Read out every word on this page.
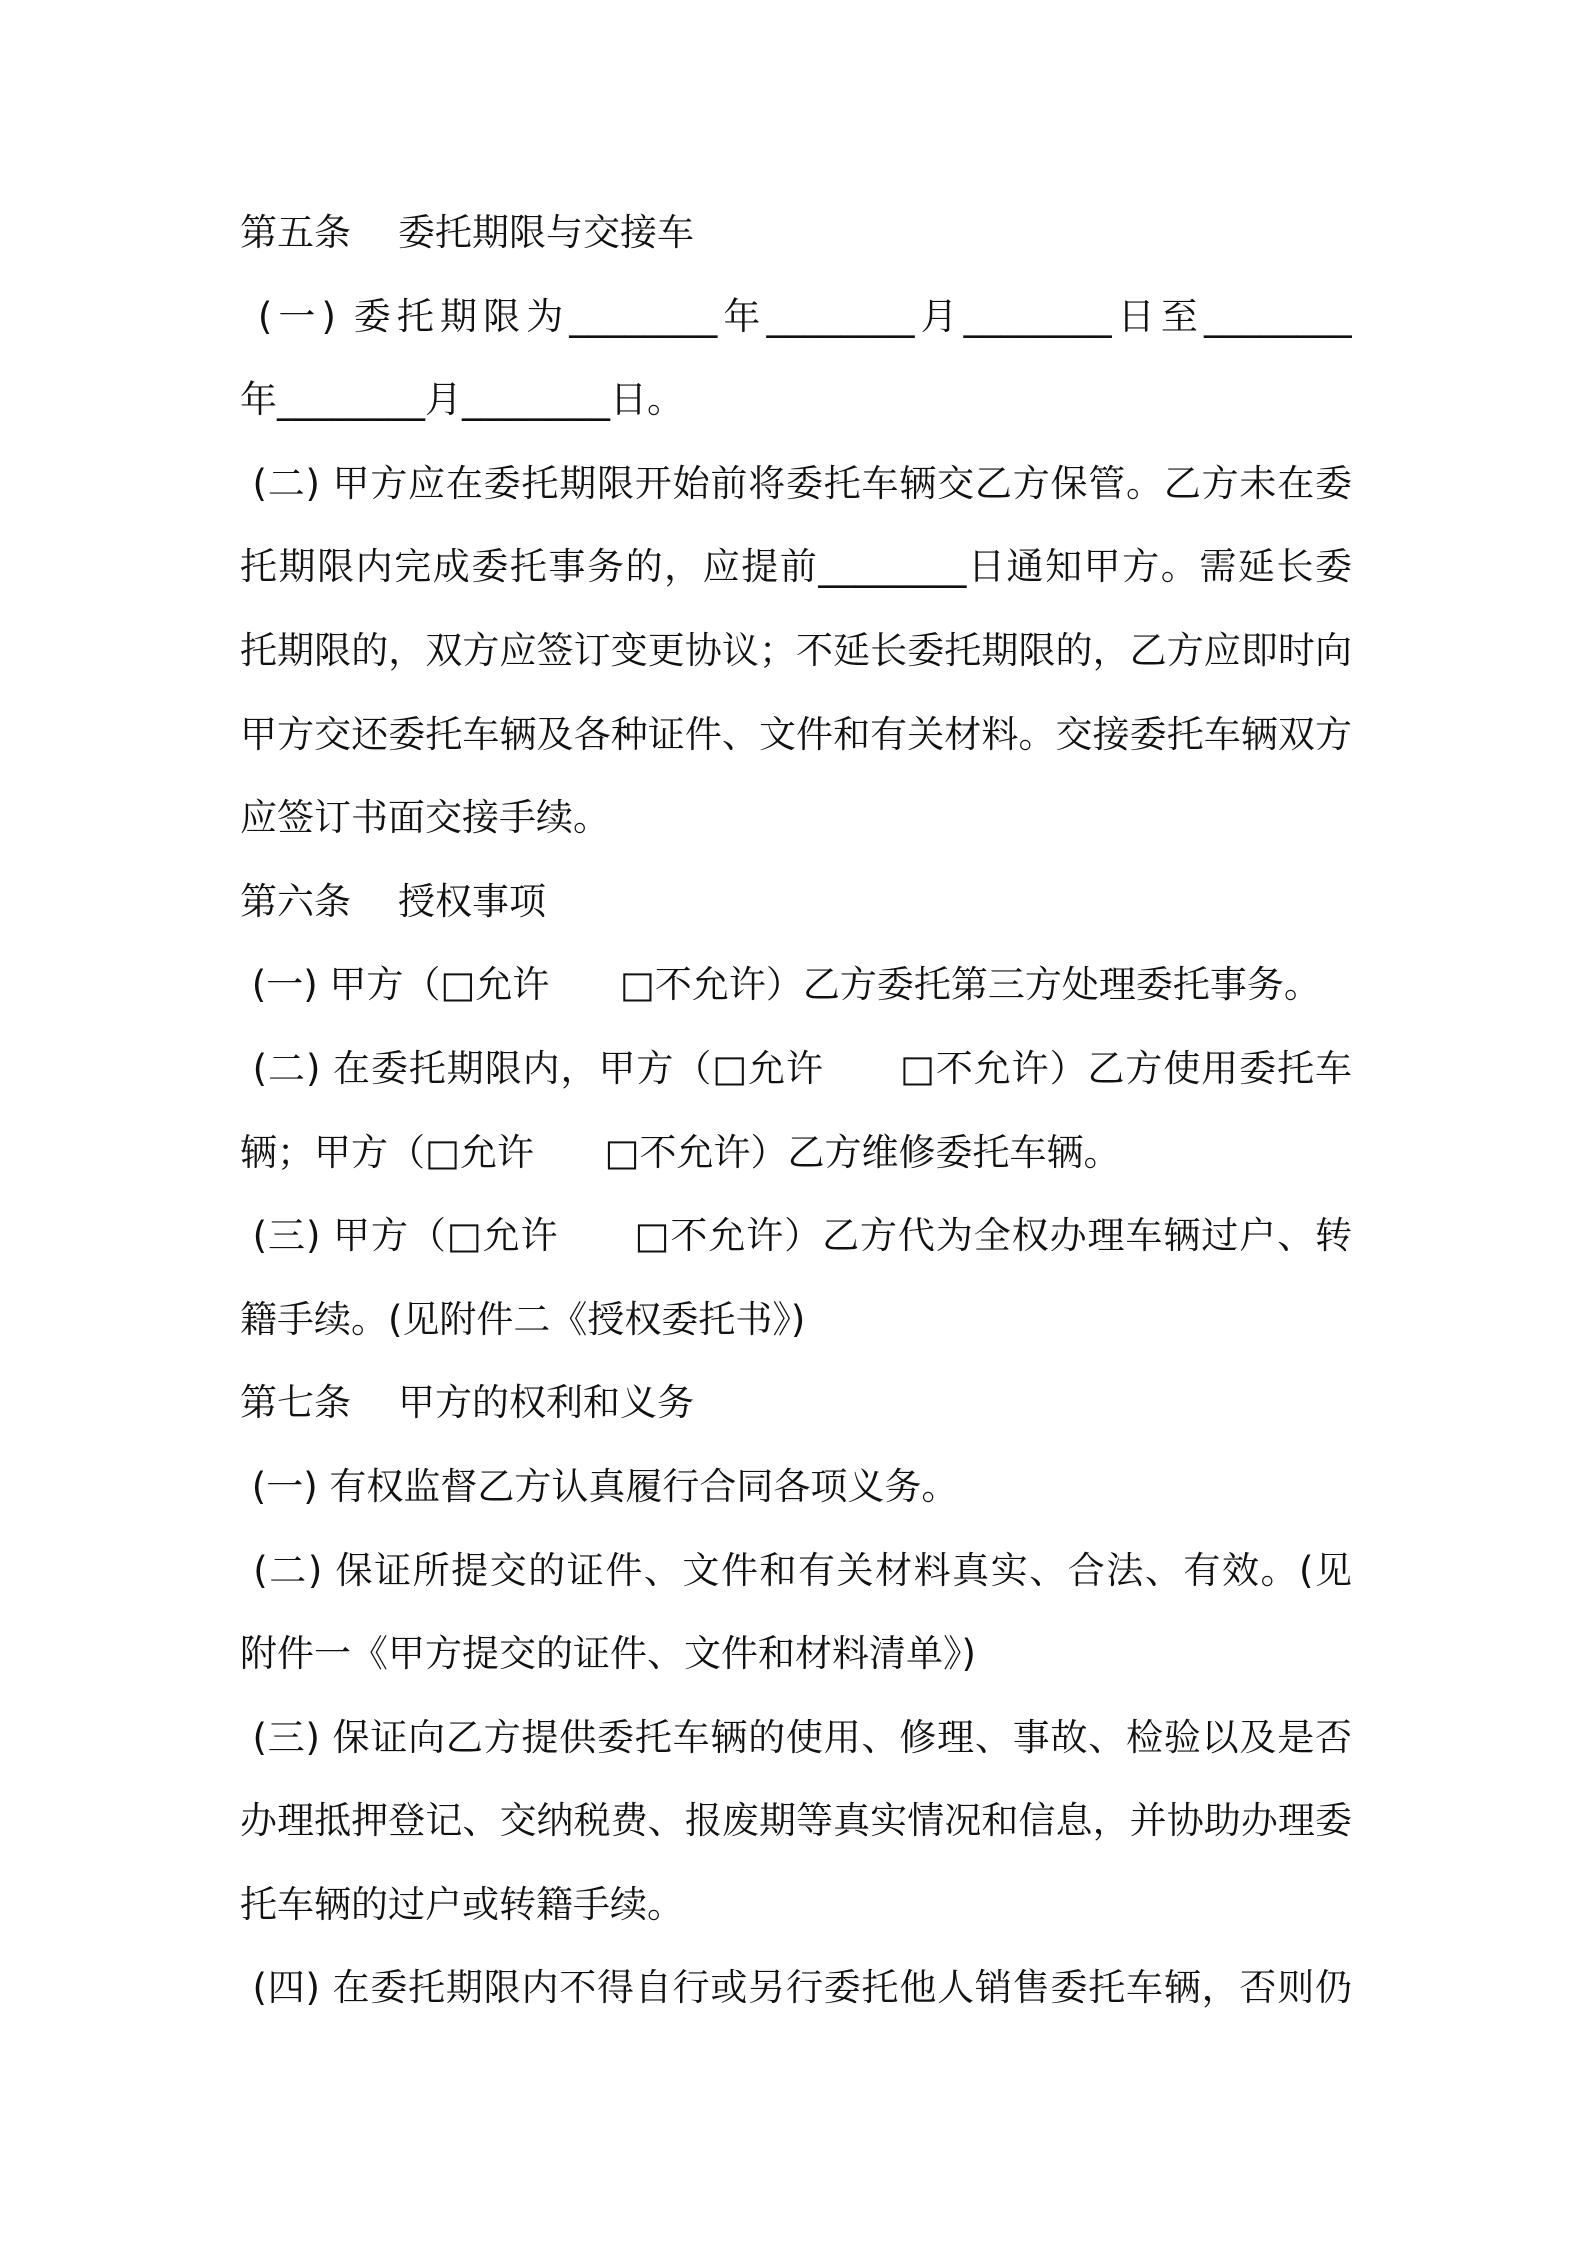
第五条    委托期限与交接车
(一) 委托期限为________年________月________日至________
年________月________日。
(二) 甲方应在委托期限开始前将委托车辆交乙方保管。乙方未在委
托期限内完成委托事务的，应提前________日通知甲方。需延长委
托期限的，双方应签订变更协议；不延长委托期限的，乙方应即时向
甲方交还委托车辆及各种证件、文件和有关材料。交接委托车辆双方
应签订书面交接手续。
第六条    授权事项
(一) 甲方（□允许      □不允许）乙方委托第三方处理委托事务。
(二) 在委托期限内，甲方（□允许      □不允许）乙方使用委托车
辆；甲方（□允许      □不允许）乙方维修委托车辆。
(三) 甲方（□允许      □不允许）乙方代为全权办理车辆过户、转
籍手续。(见附件二《授权委托书》)
第七条    甲方的权利和义务
(一) 有权监督乙方认真履行合同各项义务。
(二) 保证所提交的证件、文件和有关材料真实、合法、有效。(见
附件一《甲方提交的证件、文件和材料清单》)
(三) 保证向乙方提供委托车辆的使用、修理、事故、检验以及是否
办理抵押登记、交纳税费、报废期等真实情况和信息，并协助办理委
托车辆的过户或转籍手续。
(四) 在委托期限内不得自行或另行委托他人销售委托车辆，否则仍
